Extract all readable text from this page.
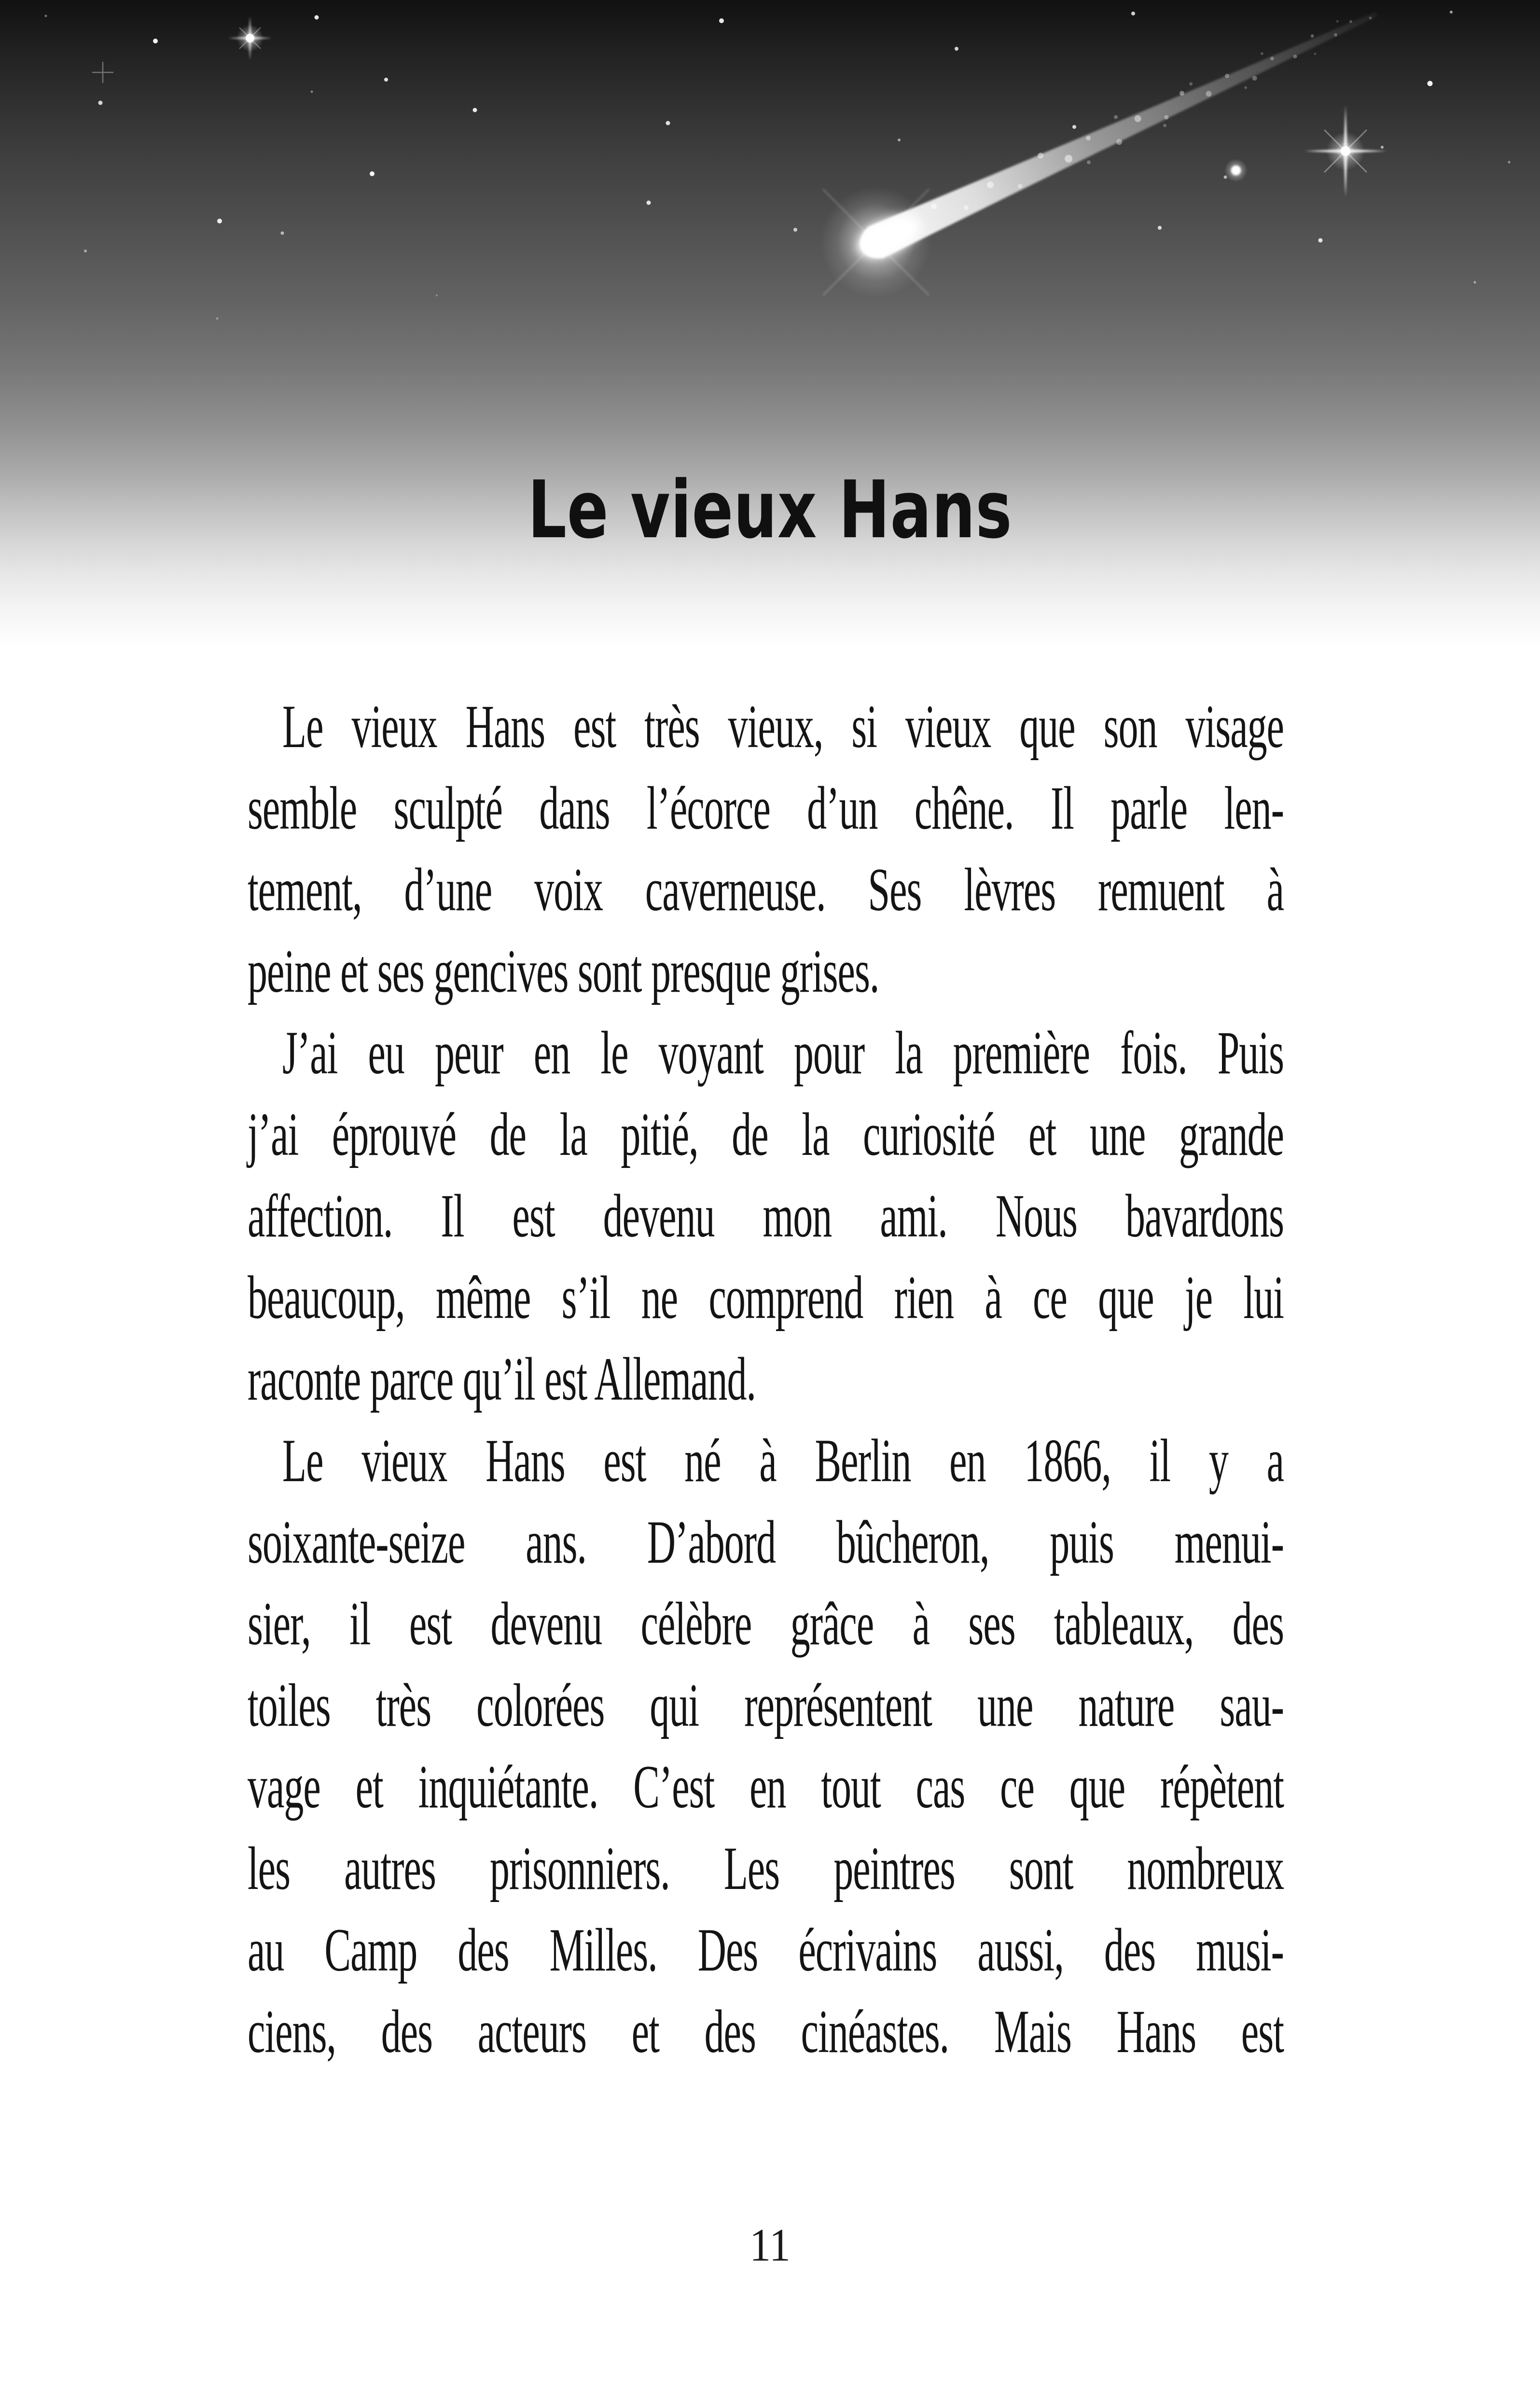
Le vieux Hans
Le vieux Hans est très vieux, si vieux que son visage
semble sculpté dans l’écorce d’un chêne. Il parle len-
tement, d’une voix caverneuse. Ses lèvres remuent à
peine et ses gencives sont presque grises.
J’ai eu peur en le voyant pour la première fois. Puis
j’ai éprouvé de la pitié, de la curiosité et une grande
affection. Il est devenu mon ami. Nous bavardons
beaucoup, même s’il ne comprend rien à ce que je lui
raconte parce qu’il est Allemand.
Le vieux Hans est né à Berlin en 1866, il y a
soixante-seize ans. D’abord bûcheron, puis menui-
sier, il est devenu célèbre grâce à ses tableaux, des
toiles très colorées qui représentent une nature sau-
vage et inquiétante. C’est en tout cas ce que répètent
les autres prisonniers. Les peintres sont nombreux
au Camp des Milles. Des écrivains aussi, des musi-
ciens, des acteurs et des cinéastes. Mais Hans est
11
